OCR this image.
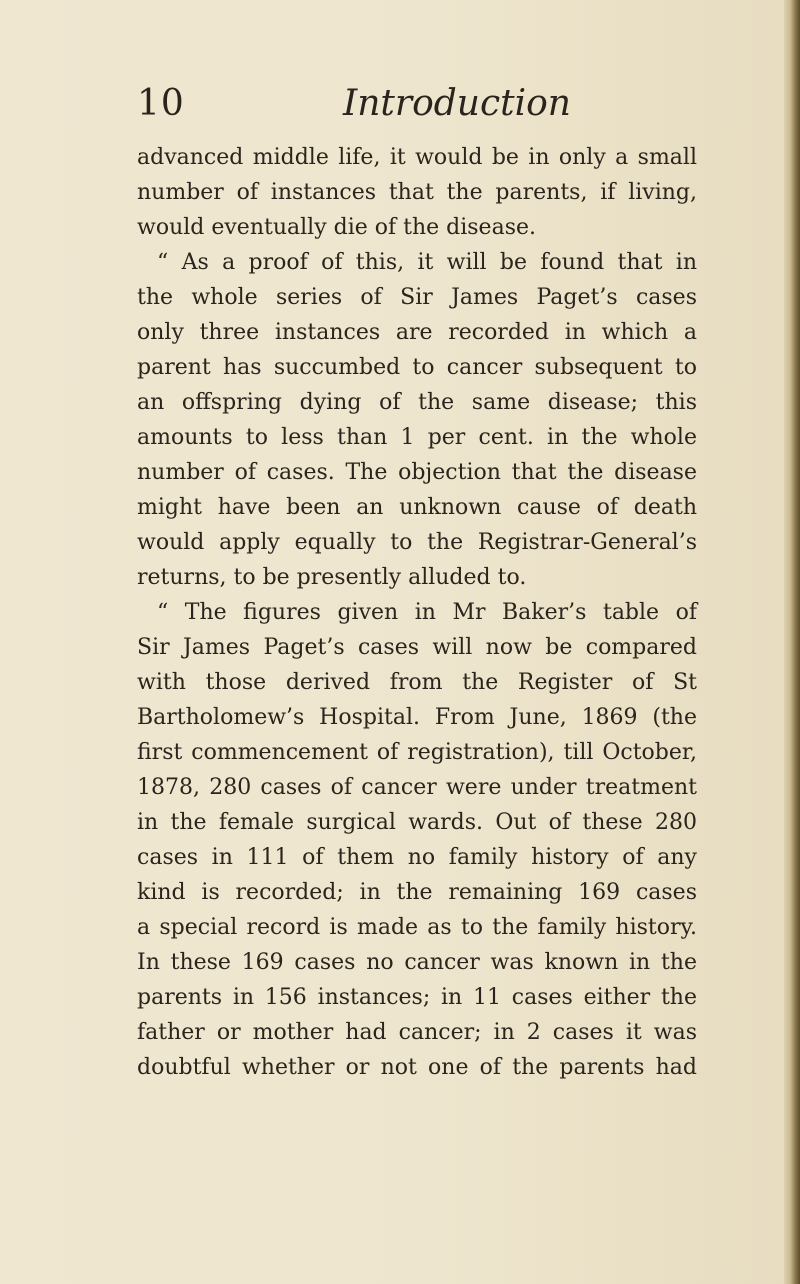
10	Introduction
advanced middle life, it would be in only a small
number of instances that the parents, if living,
would eventually die of the disease.
“ As a proof of this, it will be found that in
the whole series of Sir James Paget’s cases
only three instances are recorded in which a
parent has succumbed to cancer subsequent to
an offspring dying of the same disease; this
amounts to less than 1 per cent. in the whole
number of cases. The objection that the disease
might have been an unknown cause of death
would apply equally to the Registrar-General’s
returns, to be presently alluded to.
“ The figures given in Mr Baker’s table of
Sir James Paget’s cases will now be compared
with those derived from the Register of St
Bartholomew’s Hospital. From June, 1869 (the
first commencement of registration), till October,
1878, 280 cases of cancer were under treatment
in the female surgical wards. Out of these 280
cases in 111 of them no family history of any
kind is recorded; in the remaining 169 cases
a special record is made as to the family history.
In these 169 cases no cancer was known in the
parents in 156 instances; in 11 cases either the
father or mother had cancer; in 2 cases it was
doubtful whether or not one of the parents had
